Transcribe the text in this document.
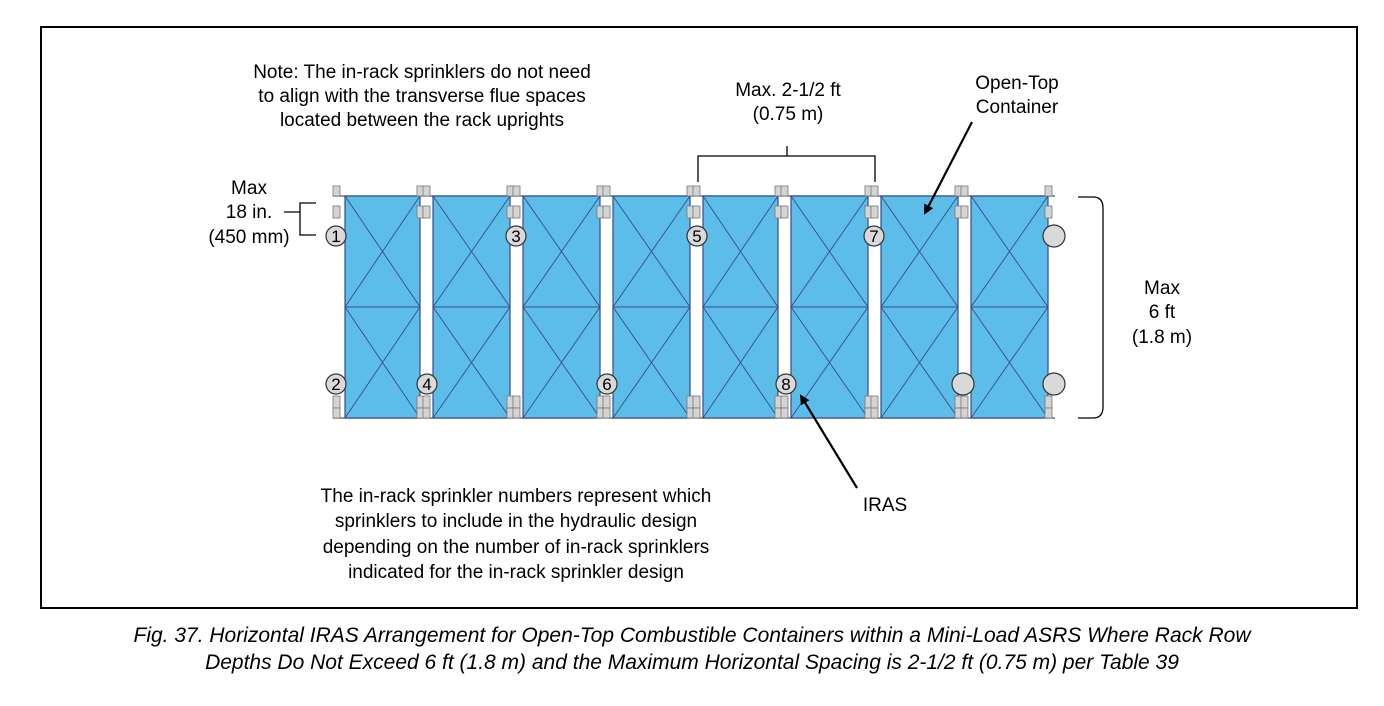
Note: The in-rack sprinklers do not need
to align with the transverse flue spaces
located between the rack uprights
Max. 2-1/2 ft
(0.75 m)
Open-Top
Container
Max
18 in.
(450 mm) 1	5
3	7
2	4	6	8
Max
6 ft
(1.8 m)
IRAS
The in-rack sprinkler numbers represent which
sprinklers to include in the hydraulic design
depending on the number of in-rack sprinklers
indicated for the in-rack sprinkler design
Fig. 37. Horizontal IRAS Arrangement for Open-Top Combustible Containers within a Mini-Load ASRS Where Rack Row
Depths Do Not Exceed 6 ft (1.8 m) and the Maximum Horizontal Spacing is 2-1/2 ft (0.75 m) per Table 39
